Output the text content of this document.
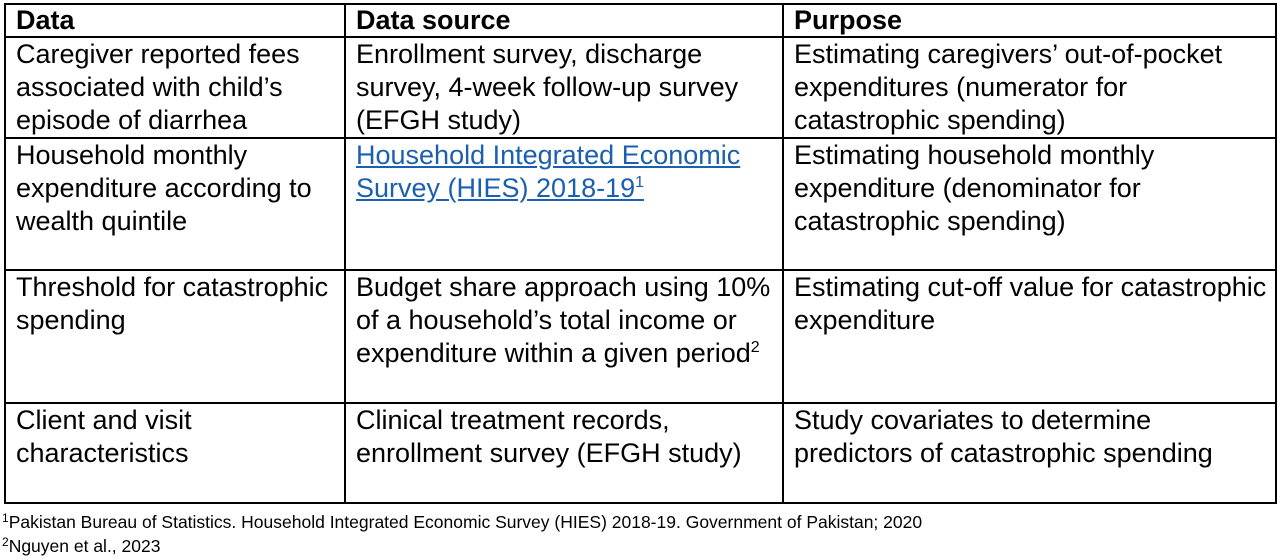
Data	Data source	Purpose
Caregiver reported fees associated with child’s episode of diarrhea	Enrollment survey, discharge survey, 4-week follow-up survey (EFGH study)	Estimating caregivers’ out-of-pocket expenditures (numerator for catastrophic spending)
Household monthly expenditure according to wealth quintile	Household Integrated Economic Survey (HIES) 2018-19$^1$	Estimating household monthly expenditure (denominator for catastrophic spending)
Threshold for catastrophic spending	Budget share approach using 10% of a household’s total income or expenditure within a given period$^2$	Estimating cut-off value for catastrophic expenditure
Client and visit characteristics	Clinical treatment records, enrollment survey (EFGH study)	Study covariates to determine predictors of catastrophic spending
$^1$Pakistan Bureau of Statistics. Household Integrated Economic Survey (HIES) 2018-19. Government of Pakistan; 2020
$^2$Nguyen et al., 2023
